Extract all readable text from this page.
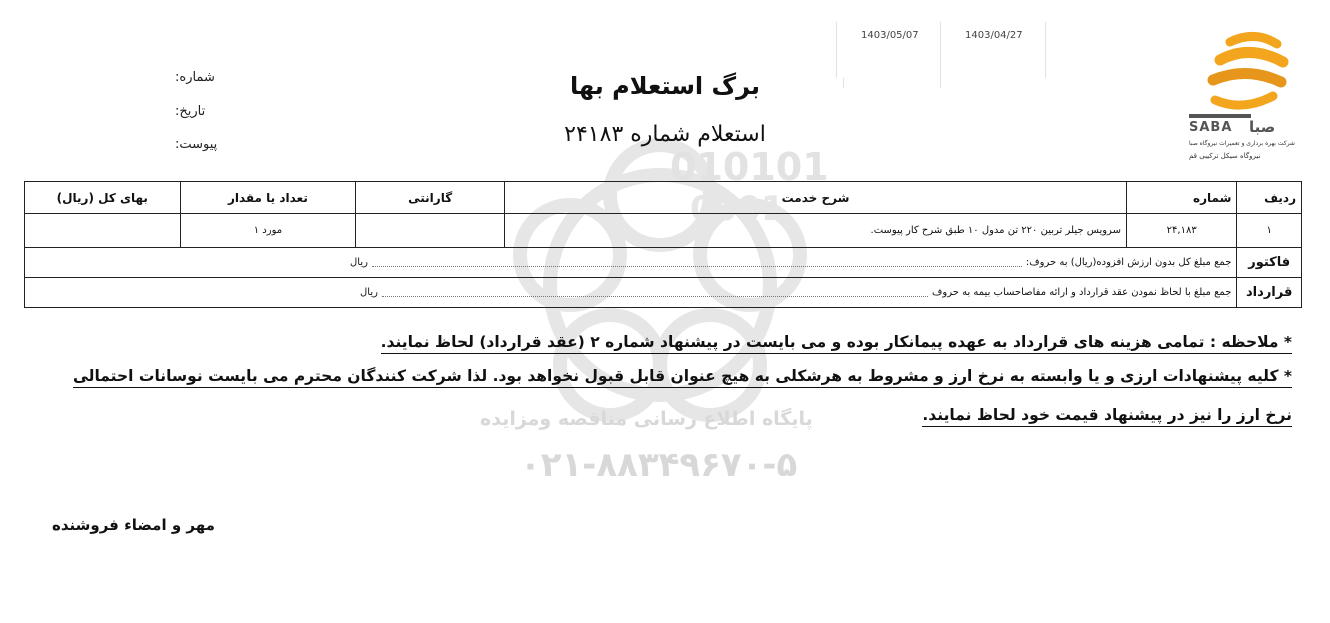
010101
0001
پایگاه اطلاع رسانی مناقصه ومزایده
۰۲۱-۸۸۳۴۹۶۷۰-۵
1403/05/07	1403/04/27
SABA صبا
شرکت بهره برداری و تعمیرات نیروگاه صبا
نیروگاه سیکل ترکیبی قم
شماره:
تاریخ:
پیوست:
برگ استعلام بها
استعلام شماره ۲۴۱۸۳
ردیف	شماره	شرح خدمت	گارانتی	تعداد یا مقدار	بهای کل (ریال)
۱	۲۴,۱۸۳	سرویس جیلر تربین ۲۲۰ تن مدول ۱۰ طبق شرح کار پیوست.		مورد ۱	
فاکتور	جمع مبلغ کل بدون ارزش افزوده(ریال) به حروف:
ریال				

قرارداد	جمع مبلغ با لحاظ نمودن عقد قرارداد و ارائه مفاصاحساب بیمه به حروف
ریال				
* ملاحظه : تمامی هزینه های قرارداد به عهده پیمانکار بوده و می بایست در پیشنهاد شماره ۲ (عقد قرارداد) لحاظ نمایند.
* کلیه پیشنهادات ارزی و یا وابسته به نرخ ارز و مشروط به هرشکلی به هیچ عنوان قابل قبول نخواهد بود. لذا شرکت کنندگان محترم می بایست نوسانات احتمالی
نرخ ارز را نیز در پیشنهاد قیمت خود لحاظ نمایند.
مهر و امضاء فروشنده
